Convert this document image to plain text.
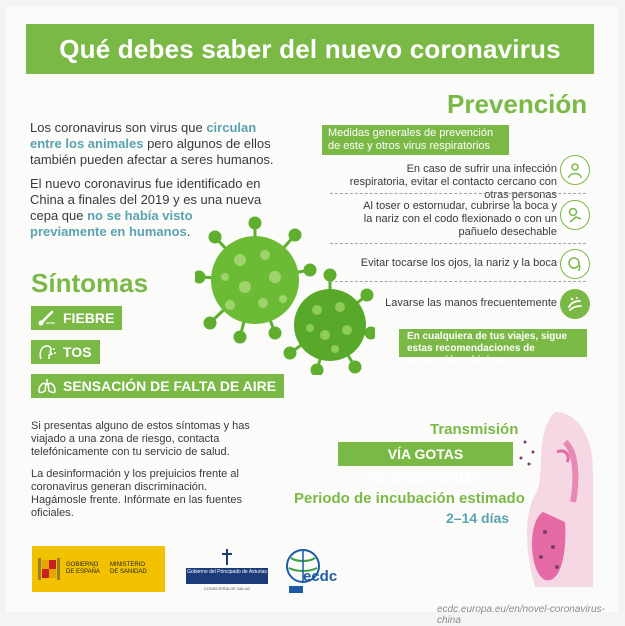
Qué debes saber del nuevo coronavirus

Los coronavirus son virus que circulan entre los animales pero algunos de ellos también pueden afectar a seres humanos.

El nuevo coronavirus fue identificado en China a finales del 2019 y es una nueva cepa que no se había visto previamente en humanos.

Síntomas
FIEBRE
TOS
SENSACIÓN DE FALTA DE AIRE
Si presentas alguno de estos síntomas y has viajado a una zona de riesgo, contacta telefónicamente con tu servicio de salud.
La desinformación y los prejuicios frente al coronavirus generan discriminación. Hagámosle frente. Infórmate en las fuentes oficiales.
Prevención
Medidas generales de prevención de este y otros virus respiratorios
En caso de sufrir una infección respiratoria, evitar el contacto cercano con otras personas
Al toser o estornudar, cubrirse la boca y la nariz con el codo flexionado o con un pañuelo desechable
Evitar tocarse los ojos, la nariz y la boca
Lavarse las manos frecuentemente
En cualquiera de tus viajes, sigue estas recomendaciones de prevención e higiene
Transmisión
VÍA GOTAS RESPIRATORIAS
Periodo de incubación estimado
2–14 días
GOBIERNO DE ESPAÑA
MINISTERIO DE SANIDAD	Gobierno del Principado de Asturias
CONSEJERÍA DE SALUD
ecdc
ecdc.europa.eu/en/novel-coronavirus-china
